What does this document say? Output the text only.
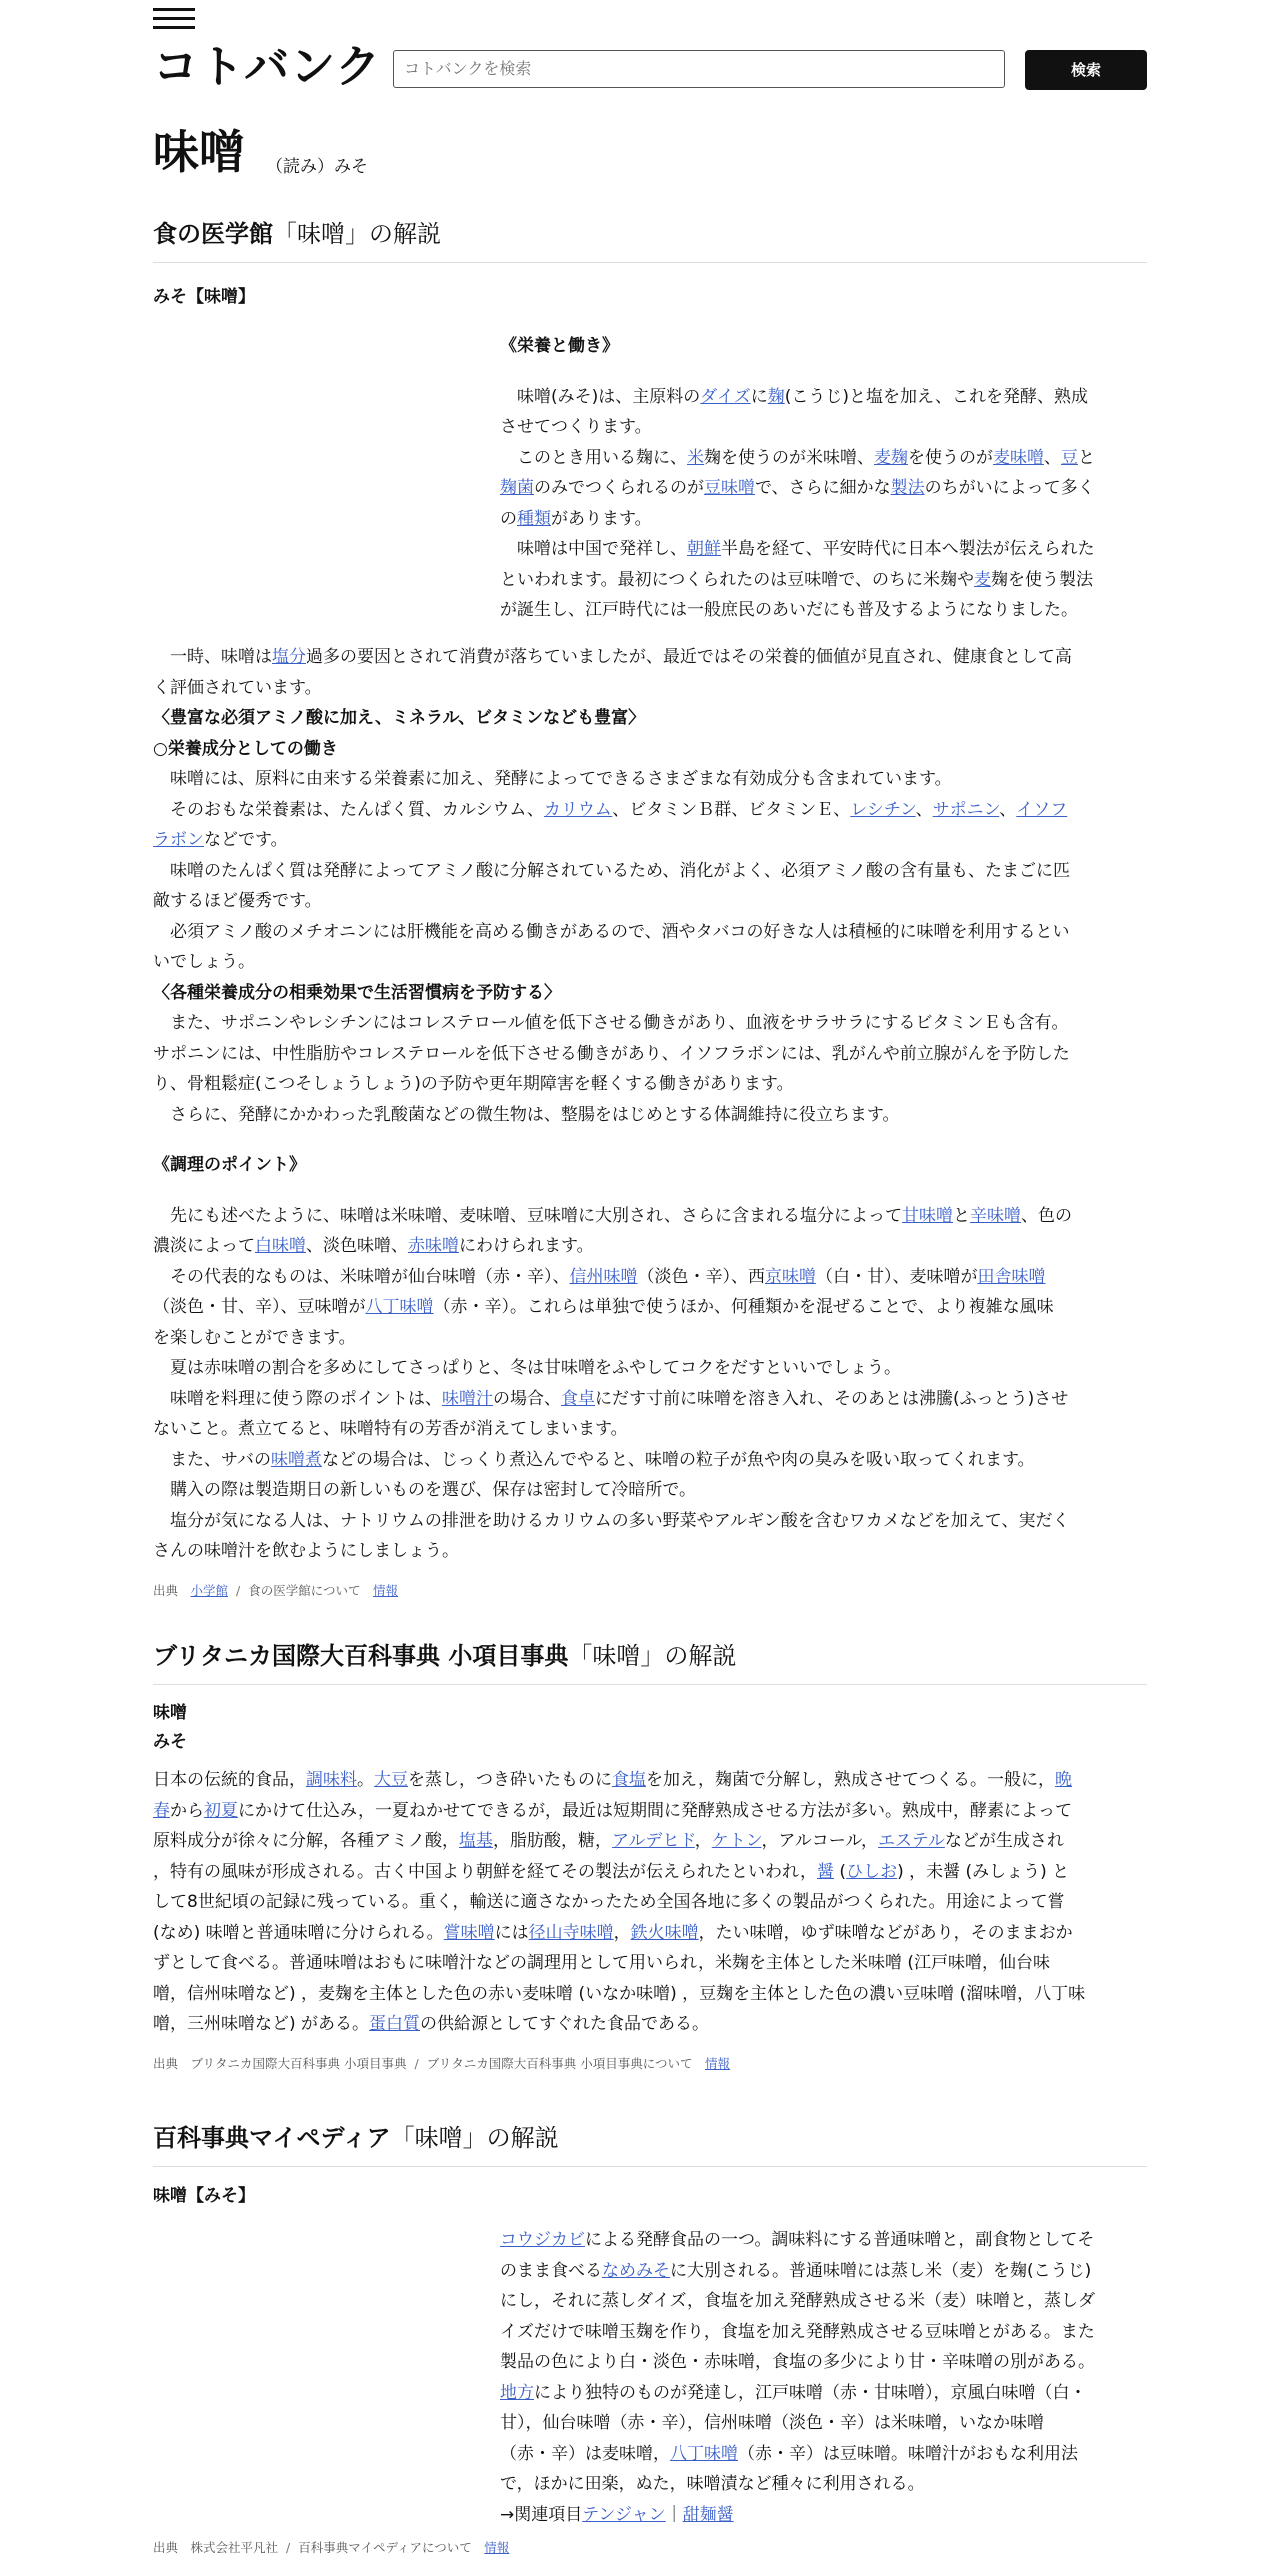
コトバンク	コトバンクを検索	検索
味噌 （読み）みそ
食の医学館「味噌」の解説

みそ【味噌】

《栄養と働き》

　味噌(みそ)は、主原料のダイズに麹(こうじ)と塩を加え、これを発酵、熟成
させてつくります。
　このとき用いる麹に、米麹を使うのが米味噌、麦麹を使うのが麦味噌、豆と
麹菌のみでつくられるのが豆味噌で、さらに細かな製法のちがいによって多く
の種類があります。
　味噌は中国で発祥し、朝鮮半島を経て、平安時代に日本へ製法が伝えられた
といわれます。最初につくられたのは豆味噌で、のちに米麹や麦麹を使う製法
が誕生し、江戸時代には一般庶民のあいだにも普及するようになりました。

　一時、味噌は塩分過多の要因とされて消費が落ちていましたが、最近ではその栄養的価値が見直され、健康食として高
く評価されています。

〈豊富な必須アミノ酸に加え、ミネラル、ビタミンなども豊富〉

○栄養成分としての働き

　味噌には、原料に由来する栄養素に加え、発酵によってできるさまざまな有効成分も含まれています。
　そのおもな栄養素は、たんぱく質、カルシウム、カリウム、ビタミンＢ群、ビタミンＥ、レシチン、サポニン、イソフ
ラボンなどです。
　味噌のたんぱく質は発酵によってアミノ酸に分解されているため、消化がよく、必須アミノ酸の含有量も、たまごに匹
敵するほど優秀です。
　必須アミノ酸のメチオニンには肝機能を高める働きがあるので、酒やタバコの好きな人は積極的に味噌を利用するとい
いでしょう。

〈各種栄養成分の相乗効果で生活習慣病を予防する〉

　また、サポニンやレシチンにはコレステロール値を低下させる働きがあり、血液をサラサラにするビタミンＥも含有。
サポニンには、中性脂肪やコレステロールを低下させる働きがあり、イソフラボンには、乳がんや前立腺がんを予防した
り、骨粗鬆症(こつそしょうしょう)の予防や更年期障害を軽くする働きがあります。
　さらに、発酵にかかわった乳酸菌などの微生物は、整腸をはじめとする体調維持に役立ちます。

《調理のポイント》

　先にも述べたように、味噌は米味噌、麦味噌、豆味噌に大別され、さらに含まれる塩分によって甘味噌と辛味噌、色の
濃淡によって白味噌、淡色味噌、赤味噌にわけられます。
　その代表的なものは、米味噌が仙台味噌（赤・辛）、信州味噌（淡色・辛）、西京味噌（白・甘）、麦味噌が田舎味噌
（淡色・甘、辛）、豆味噌が八丁味噌（赤・辛）。これらは単独で使うほか、何種類かを混ぜることで、より複雑な風味
を楽しむことができます。
　夏は赤味噌の割合を多めにしてさっぱりと、冬は甘味噌をふやしてコクをだすといいでしょう。
　味噌を料理に使う際のポイントは、味噌汁の場合、食卓にだす寸前に味噌を溶き入れ、そのあとは沸騰(ふっとう)させ
ないこと。煮立てると、味噌特有の芳香が消えてしまいます。
　また、サバの味噌煮などの場合は、じっくり煮込んでやると、味噌の粒子が魚や肉の臭みを吸い取ってくれます。
　購入の際は製造期日の新しいものを選び、保存は密封して冷暗所で。
　塩分が気になる人は、ナトリウムの排泄を助けるカリウムの多い野菜やアルギン酸を含むワカメなどを加えて、実だく
さんの味噌汁を飲むようにしましょう。

出典　 小学館 / 食の医学館について　 情報
ブリタニカ国際大百科事典 小項目事典「味噌」の解説

味噌

みそ

日本の伝統的食品，調味料。大豆を蒸し，つき砕いたものに食塩を加え，麹菌で分解し，熟成させてつくる。一般に，晩
春から初夏にかけて仕込み，一夏ねかせてできるが，最近は短期間に発酵熟成させる方法が多い。熟成中，酵素によって
原料成分が徐々に分解，各種アミノ酸，塩基，脂肪酸，糖，アルデヒド，ケトン，アルコール，エステルなどが生成され
，特有の風味が形成される。古く中国より朝鮮を経てその製法が伝えられたといわれ，醤 (ひしお) ，未醤 (みしょう) と
して8世紀頃の記録に残っている。重く，輸送に適さなかったため全国各地に多くの製品がつくられた。用途によって嘗
(なめ) 味噌と普通味噌に分けられる。嘗味噌には径山寺味噌，鉄火味噌，たい味噌，ゆず味噌などがあり，そのままおか
ずとして食べる。普通味噌はおもに味噌汁などの調理用として用いられ，米麹を主体とした米味噌 (江戸味噌，仙台味
噌，信州味噌など) ，麦麹を主体とした色の赤い麦味噌 (いなか味噌) ，豆麹を主体とした色の濃い豆味噌 (溜味噌，八丁味
噌，三州味噌など) がある。蛋白質の供給源としてすぐれた食品である。

出典　 ブリタニカ国際大百科事典 小項目事典 / ブリタニカ国際大百科事典 小項目事典について　 情報
百科事典マイペディア「味噌」の解説

味噌【みそ】

コウジカビによる発酵食品の一つ。調味料にする普通味噌と，副食物としてそ
のまま食べるなめみそに大別される。普通味噌には蒸し米（麦）を麹(こうじ)
にし，それに蒸しダイズ，食塩を加え発酵熟成させる米（麦）味噌と，蒸しダ
イズだけで味噌玉麹を作り，食塩を加え発酵熟成させる豆味噌とがある。また
製品の色により白・淡色・赤味噌，食塩の多少により甘・辛味噌の別がある。
地方により独特のものが発達し，江戸味噌（赤・甘味噌），京風白味噌（白・
甘），仙台味噌（赤・辛），信州味噌（淡色・辛）は米味噌，いなか味噌
（赤・辛）は麦味噌，八丁味噌（赤・辛）は豆味噌。味噌汁がおもな利用法
で，ほかに田楽，ぬた，味噌漬など種々に利用される。
→関連項目テンジャン｜甜麺醤

出典　 株式会社平凡社 / 百科事典マイペディアについて　 情報
